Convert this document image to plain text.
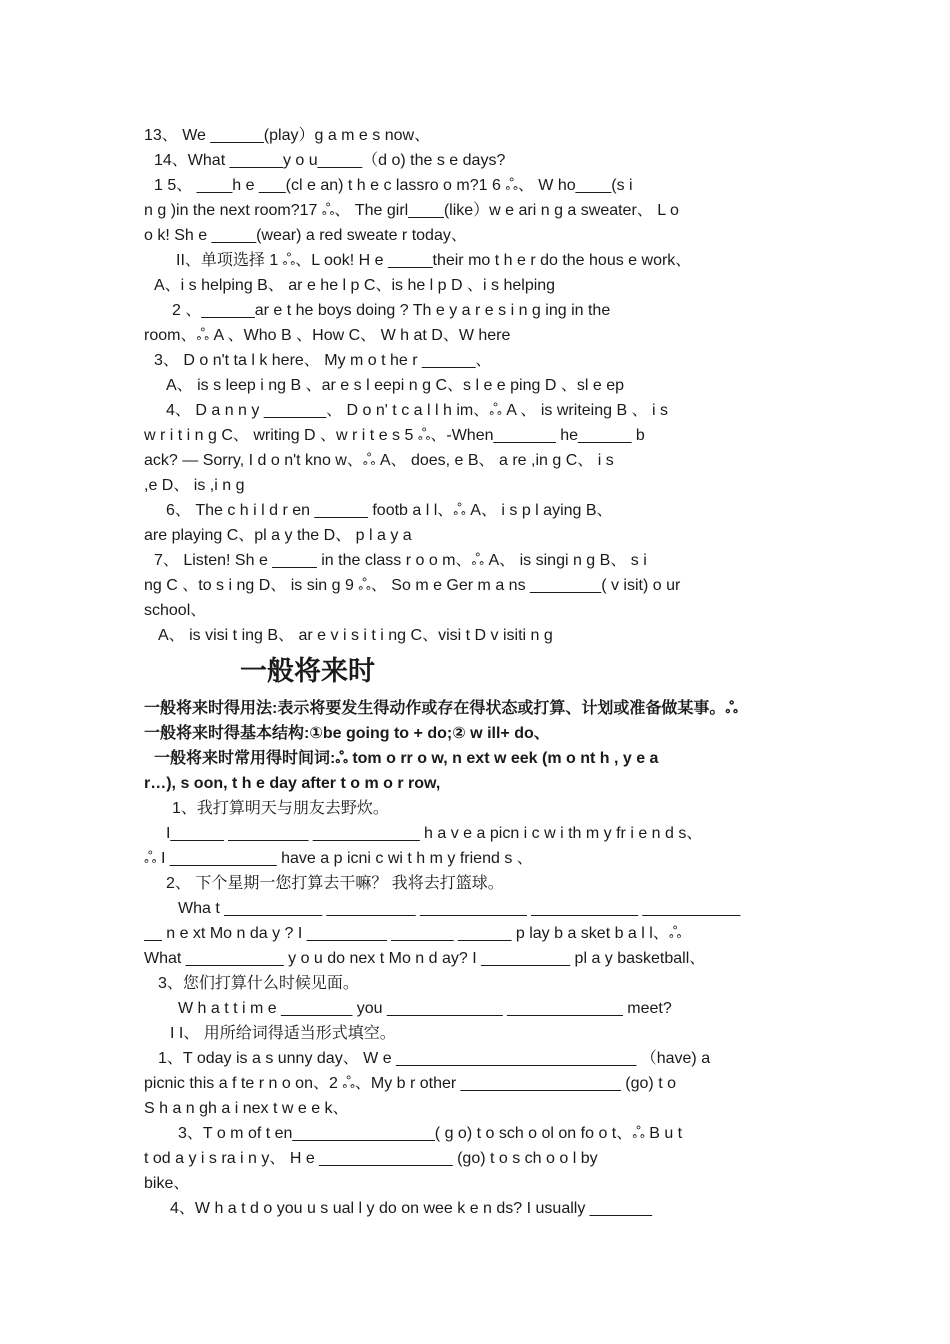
13、 We ______(play）g a m e s now、
14、What ______y o u_____（d o) the s e days?
1 5、 ____h e ___(cl e an) t h e c lassro o m?1 6 ஃ、 W ho____(s i
n g )in the next room?17 ஃ、 The girl____(like）w e ari n g a sweater、 L o
o k! Sh e _____(wear) a red sweate r today、
II、单项选择 1 ஃ、L ook! H e _____their mo t h e r do the hous e work、
A、i s helping B、 ar e he l p C、is he l p D 、i s helping
2 、______ar e t he boys doing ? Th e y a r e s i n g ing in the
room、ஃ A 、Who B 、How C、 W h at D、W here
3、 D o n't ta l k here、 My m o t he r ______、
A、 is s leep i ng B 、ar e s l eepi n g C、s l e e ping D 、sl e ep
4、 D a n n y _______、 D o n' t c a l l h im、ஃ A 、 is writeing B 、 i s
w r i t i n g C、 writing D 、w r i t e s 5 ஃ、-When_______ he______ b
ack? ― Sorry, I d o n't kno w、ஃ A、 does, e B、 a re ,in g C、 i s
,e D、 is ,i n g
6、 The c h i l d r en ______ footb a l l、ஃ A、 i s p l aying B、
are playing C、pl a y the D、 p l a y a
7、 Listen! Sh e _____ in the class r o o m、ஃ A、 is singi n g B、 s i
ng C 、to s i ng D、 is sin g 9 ஃ、 So m e Ger m a ns ________( v isit) o ur
school、
A、 is visi t ing B、 ar e v i s i t i ng C、visi t D v isiti n g
一般将来时
一般将来时得用法:表示将要发生得动作或存在得状态或打算、计划或准备做某事。ஃ
一般将来时得基本结构:①be going to + do;② w ill+ do、
一般将来时常用得时间词:ஃ tom o rr o w, n ext w eek (m o nt h , y e a
r…), s oon, t h e day after t o m o r row,
1、我打算明天与朋友去野炊。
I______ _________ ____________ h a v e a picn i c w i th m y fr i e n d s、
ஃ I ____________ have a p icni c wi t h m y friend s 、
2、 下个星期一您打算去干嘛？ 我将去打篮球。
Wha t ___________ __________ ____________ ____________ ___________
__ n e xt Mo n da y ? I _________ _______ ______ p lay b a sket b a l l、ஃ
What ___________ y o u do nex t Mo n d ay? I __________ pl a y basketball、
3、您们打算什么时候见面。
W h a t t i m e ________ you _____________ _____________ meet?
I I、 用所给词得适当形式填空。
1、T oday is a s unny day、 W e ___________________________ （have) a
picnic this a f te r n o on、2 ஃ、My b r other __________________ (go) t o
S h a n gh a i nex t w e e k、
3、T o m of t en________________( g o) t o sch o ol on fo o t、ஃ B u t
t od a y i s ra i n y、 H e _______________ (go) t o s ch o o l by
bike、
4、W h a t d o you u s ual l y do on wee k e n ds? I usually _______
